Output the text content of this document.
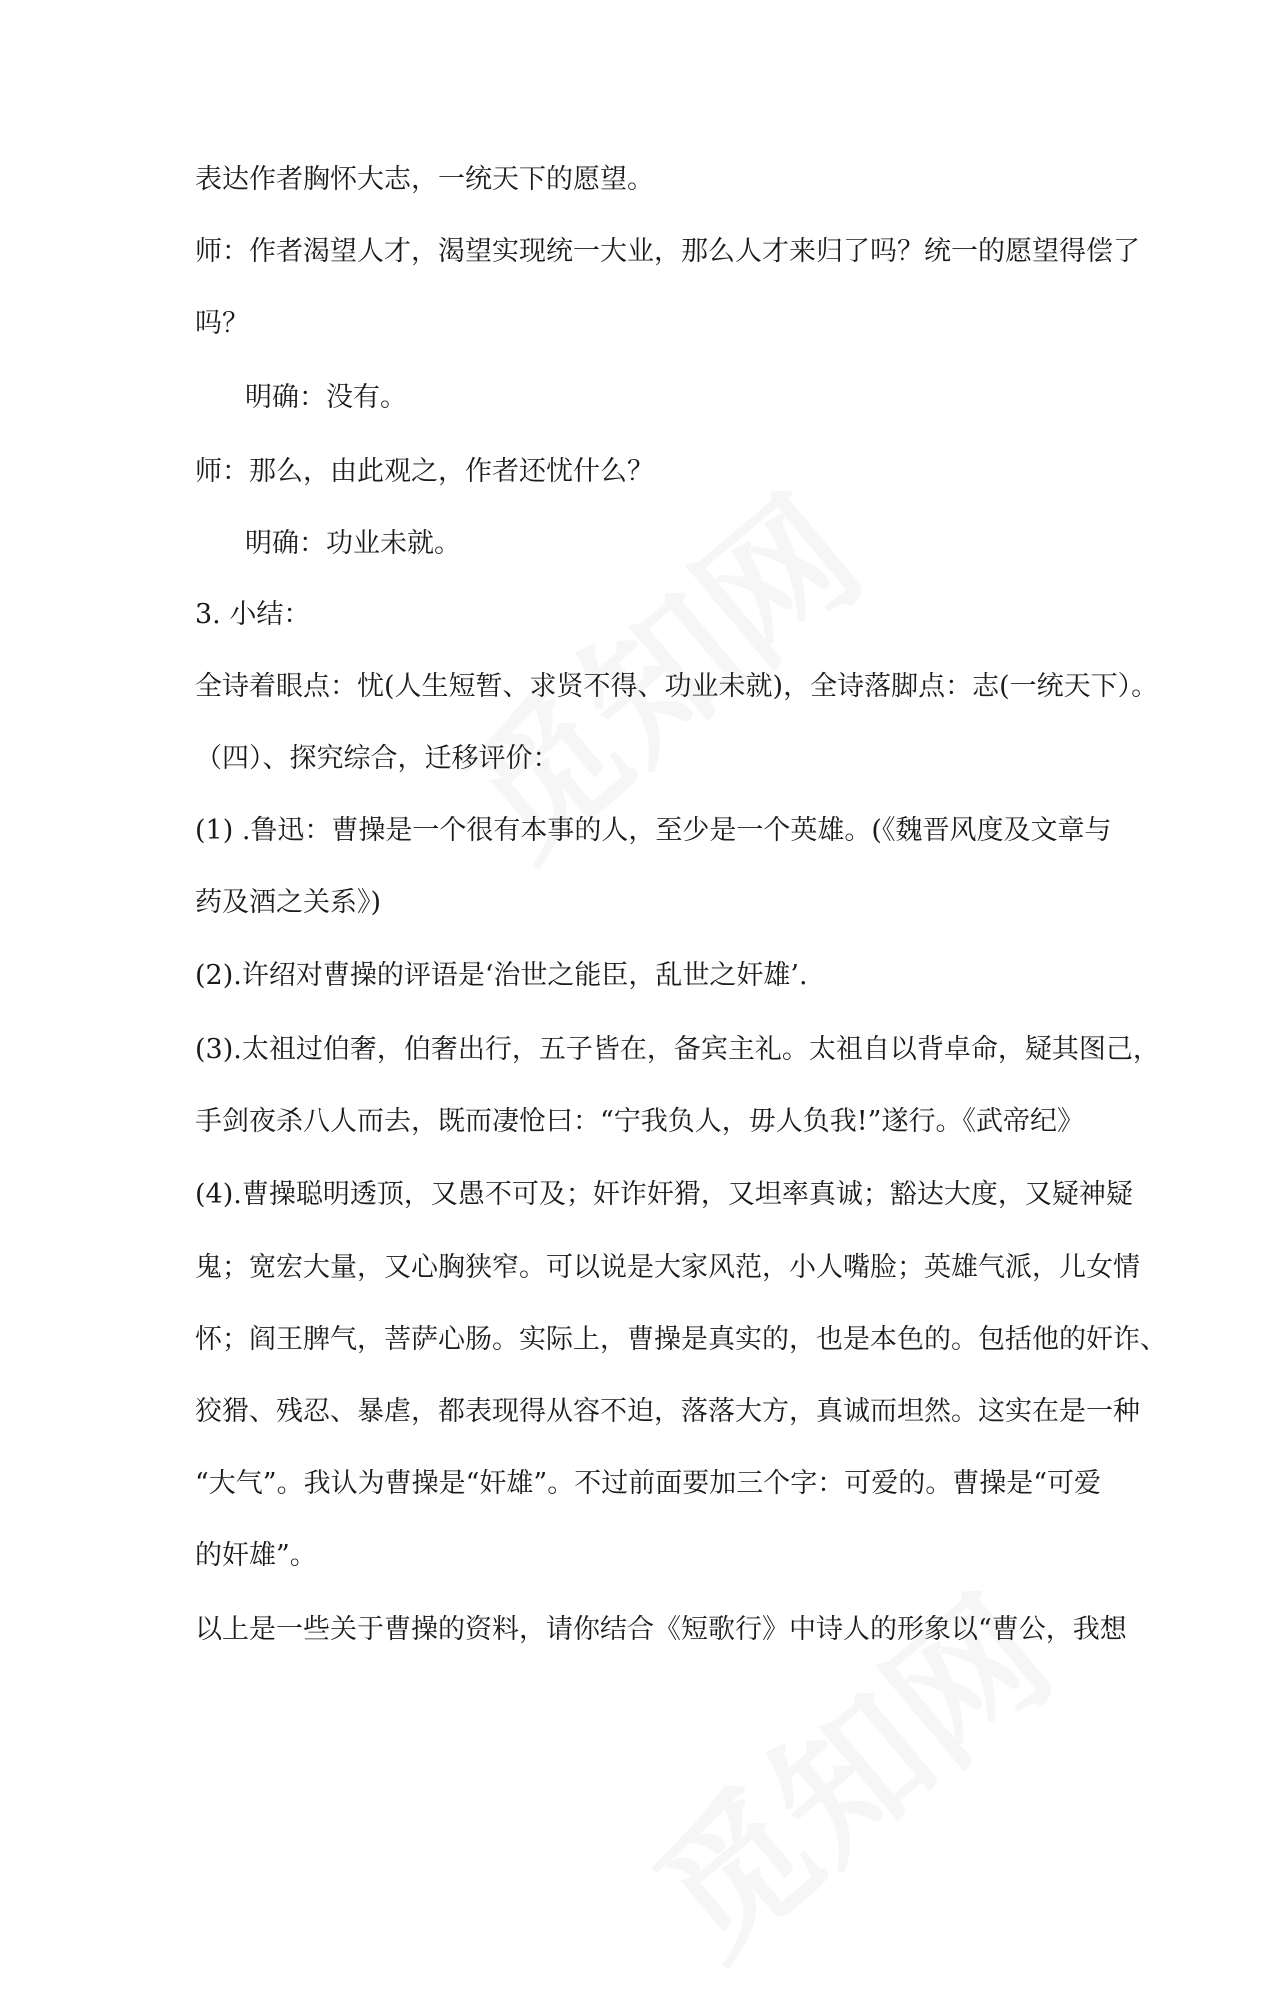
表达作者胸怀大志，一统天下的愿望。
师：作者渴望人才，渴望实现统一大业，那么人才来归了吗？统一的愿望得偿了
吗？
明确：没有。
师：那么，由此观之，作者还忧什么？
明确：功业未就。
3. 小结：
全诗着眼点：忧(人生短暂、求贤不得、功业未就)，全诗落脚点：志(一统天下）。
（四）、探究综合，迁移评价：
(1) .鲁迅：曹操是一个很有本事的人，至少是一个英雄。(《魏晋风度及文章与
药及酒之关系》)
(2).许绍对曹操的评语是‘治世之能臣，乱世之奸雄’.
(3).太祖过伯奢，伯奢出行，五子皆在，备宾主礼。太祖自以背卓命，疑其图己，
手剑夜杀八人而去，既而凄怆曰：“宁我负人，毋人负我!”遂行。《武帝纪》
(4).曹操聪明透顶，又愚不可及；奸诈奸猾，又坦率真诚；豁达大度，又疑神疑
鬼；宽宏大量，又心胸狭窄。可以说是大家风范，小人嘴脸；英雄气派，儿女情
怀；阎王脾气，菩萨心肠。实际上，曹操是真实的，也是本色的。包括他的奸诈、
狡猾、残忍、暴虐，都表现得从容不迫，落落大方，真诚而坦然。这实在是一种
“大气”。我认为曹操是“奸雄”。不过前面要加三个字：可爱的。曹操是“可爱
的奸雄”。
以上是一些关于曹操的资料，请你结合《短歌行》中诗人的形象以“曹公，我想
